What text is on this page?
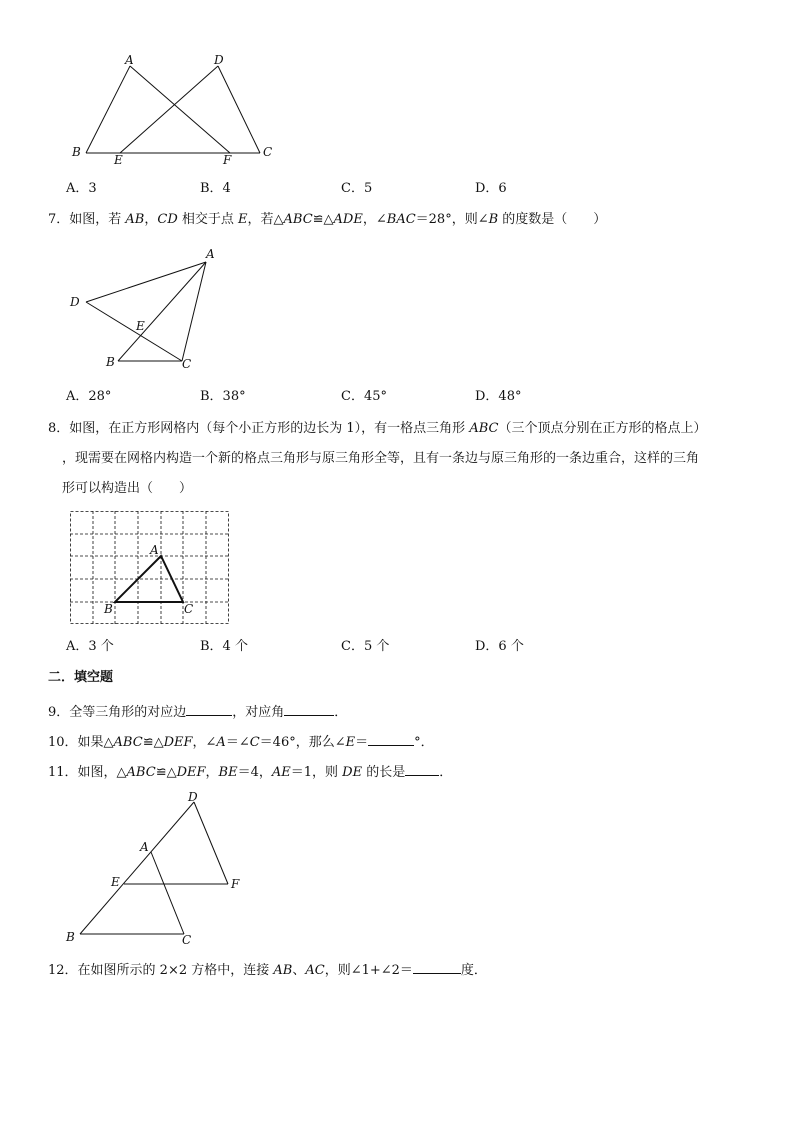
A	D
B
E	F
C
A．3	B．4	C．5	D．6
7．如图，若 AB，CD 相交于点 E，若△ABC≌△ADE，∠BAC＝28°，则∠B 的度数是（　　）
A
D
E
B	C
A．28°	B．38°	C．45°	D．48°
8．如图，在正方形网格内（每个小正方形的边长为 1），有一格点三角形 ABC（三个顶点分别在正方形的格点上）
，现需要在网格内构造一个新的格点三角形与原三角形全等，且有一条边与原三角形的一条边重合，这样的三角
形可以构造出（　　）
A
B	C
A．3 个	B．4 个	C．5 个	D．6 个
二．填空题
9．全等三角形的对应边	，对应角	．
10．如果△ABC≌△DEF，∠A＝∠C＝46°，那么∠E＝	°．
11．如图，△ABC≌△DEF，BE＝4，AE＝1，则 DE 的长是	．
D
A
E	F
B	C
12．在如图所示的 2×2 方格中，连接 AB、AC，则∠1+∠2＝	度．
